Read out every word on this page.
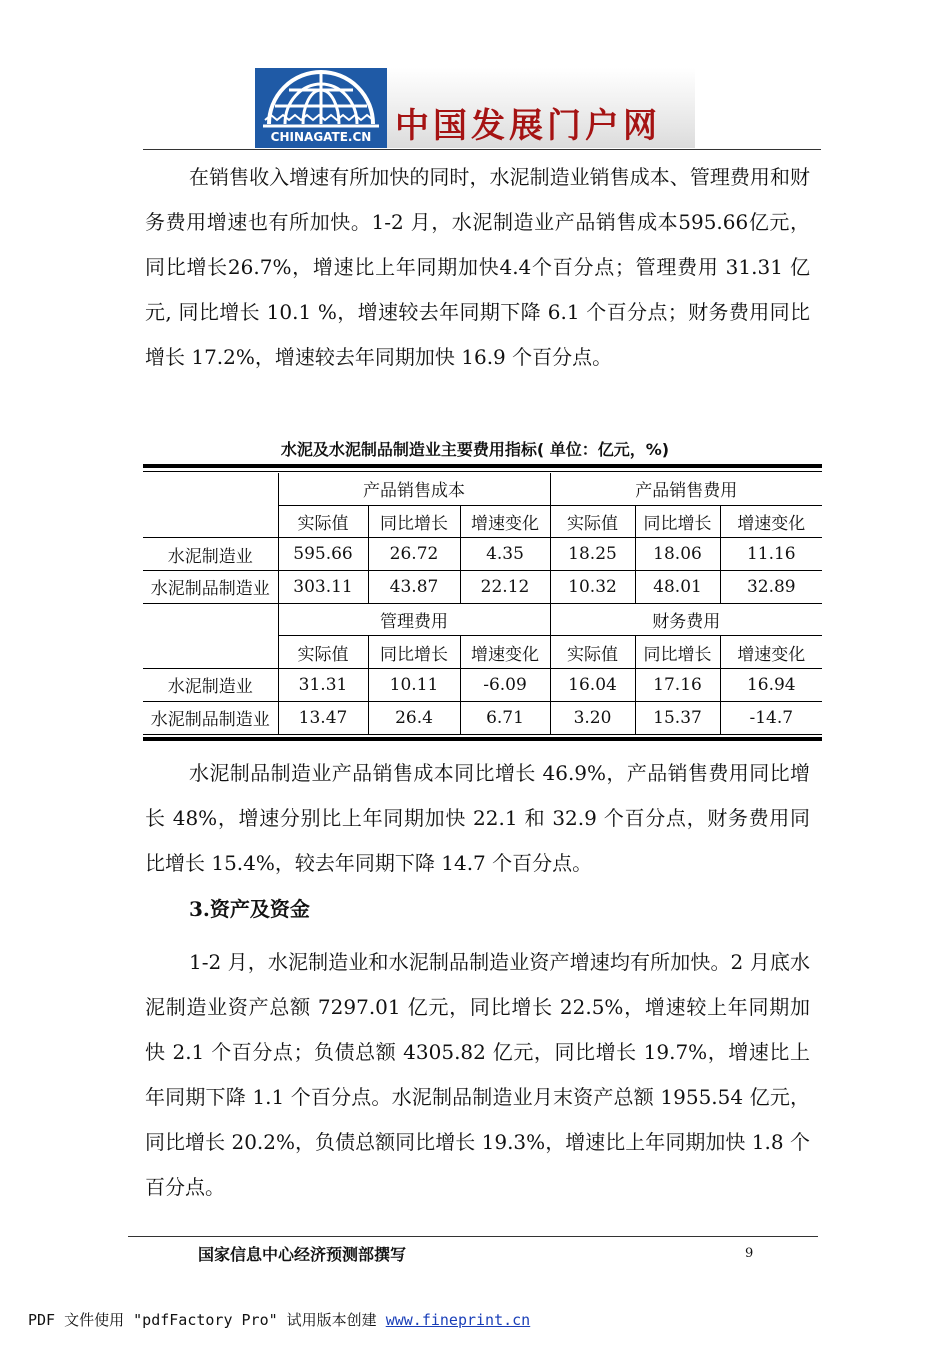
CHINAGATE.CN 中国发展门户网

在销售收入增速有所加快的同时，水泥制造业销售成本、管理费用和财务费用增速也有所加快。1-2 月，水泥制造业产品销售成本595.66亿元，同比增长26.7%，增速比上年同期加快4.4个百分点；管理费用 31.31 亿元, 同比增长 10.1 %，增速较去年同期下降 6.1 个百分点；财务费用同比增长 17.2%，增速较去年同期加快 16.9 个百分点。

水泥及水泥制品制造业主要费用指标( 单位：亿元，%)
	产品销售成本			产品销售费用		
	实际值	同比增长	增速变化	实际值	同比增长	增速变化
水泥制造业	595.66	26.72	4.35	18.25	18.06	11.16
水泥制品制造业	303.11	43.87	22.12	10.32	48.01	32.89
	管理费用			财务费用		
	实际值	同比增长	增速变化	实际值	同比增长	增速变化
水泥制造业	31.31	10.11	-6.09	16.04	17.16	16.94
水泥制品制造业	13.47	26.4	6.71	3.20	15.37	-14.7

水泥制品制造业产品销售成本同比增长 46.9%，产品销售费用同比增长 48%，增速分别比上年同期加快 22.1 和 32.9 个百分点，财务费用同比增长 15.4%，较去年同期下降 14.7 个百分点。

3.资产及资金

1-2 月，水泥制造业和水泥制品制造业资产增速均有所加快。2 月底水泥制造业资产总额 7297.01 亿元，同比增长 22.5%，增速较上年同期加快 2.1 个百分点；负债总额 4305.82 亿元，同比增长 19.7%，增速比上年同期下降 1.1 个百分点。水泥制品制造业月末资产总额 1955.54 亿元，同比增长 20.2%，负债总额同比增长 19.3%，增速比上年同期加快 1.8 个百分点。

国家信息中心经济预测部撰写	9
PDF 文件使用 "pdfFactory Pro" 试用版本创建 www.fineprint.cn
